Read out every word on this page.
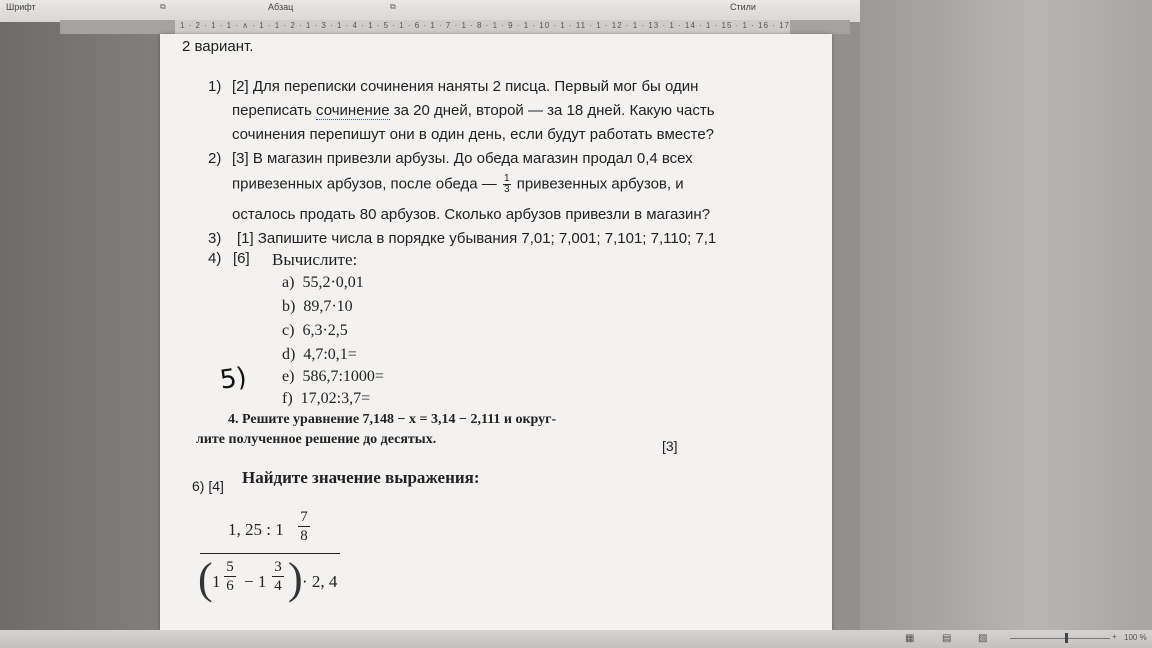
Шрифт	⧉	Абзац	⧉	Стили
1 · 2 · 1 · 1 · ∧ · 1 · 1 · 2 · 1 · 3 · 1 · 4 · 1 · 5 · 1 · 6 · 1 · 7 · 1 · 8 · 1 · 9 · 1 · 10 · 1 · 11 · 1 · 12 · 1 · 13 · 1 · 14 · 1 · 15 · 1 · 16 · 17
2 вариант.
1) [2] Для переписки сочинения наняты 2 писца. Первый мог бы один
переписать сочинение за 20 дней, второй — за 18 дней. Какую часть
сочинения перепишут они в один день, если будут работать вместе?
2) [3] В магазин привезли арбузы. До обеда магазин продал 0,4 всех
привезенных арбузов, после обеда — $\frac{1}{3}$ привезенных арбузов, и
осталось продать 80 арбузов. Сколько арбузов привезли в магазин?
3) [1] Запишите числа в порядке убывания 7,01; 7,001; 7,101; 7,110; 7,1
4) [6] Вычислите:
a) 55,2·0,01
b) 89,7·10
c) 6,3·2,5
d) 4,7:0,1=
e) 586,7:1000=
f) 17,02:3,7=
5)
4. Решите уравнение 7,148 − x = 3,14 − 2,111 и округ-
лите полученное решение до десятых.	[3]
6) [4] Найдите значение выражения:
1, 25 : 1
7
8
( 1
5
6 − 1
3
4 ) · 2, 4
▦	▤	▧	+ 100 %
